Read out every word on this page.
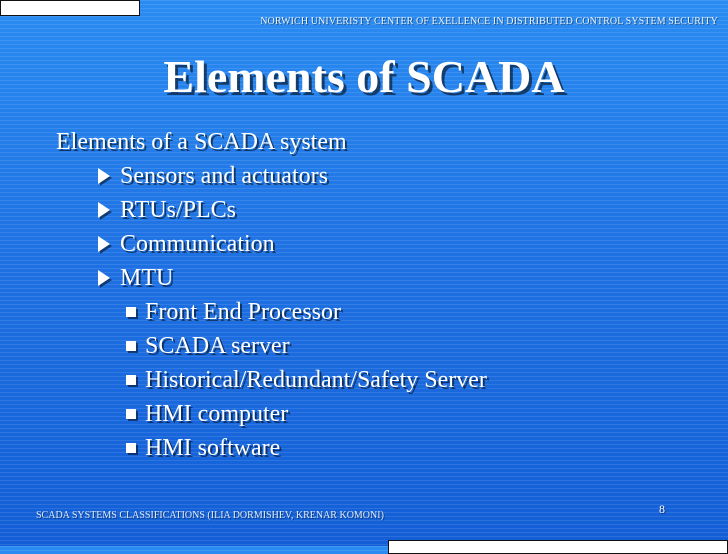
NORWICH UNIVERISTY CENTER OF EXELLENCE IN DISTRIBUTED CONTROL SYSTEM SECURITY
Elements of SCADA
Elements of a SCADA system
Sensors and actuators
RTUs/PLCs
Communication
MTU
Front End Processor
SCADA server
Historical/Redundant/Safety Server
HMI computer
HMI software
8
SCADA SYSTEMS CLASSIFICATIONS (ILIA DORMISHEV, KRENAR KOMONI)
